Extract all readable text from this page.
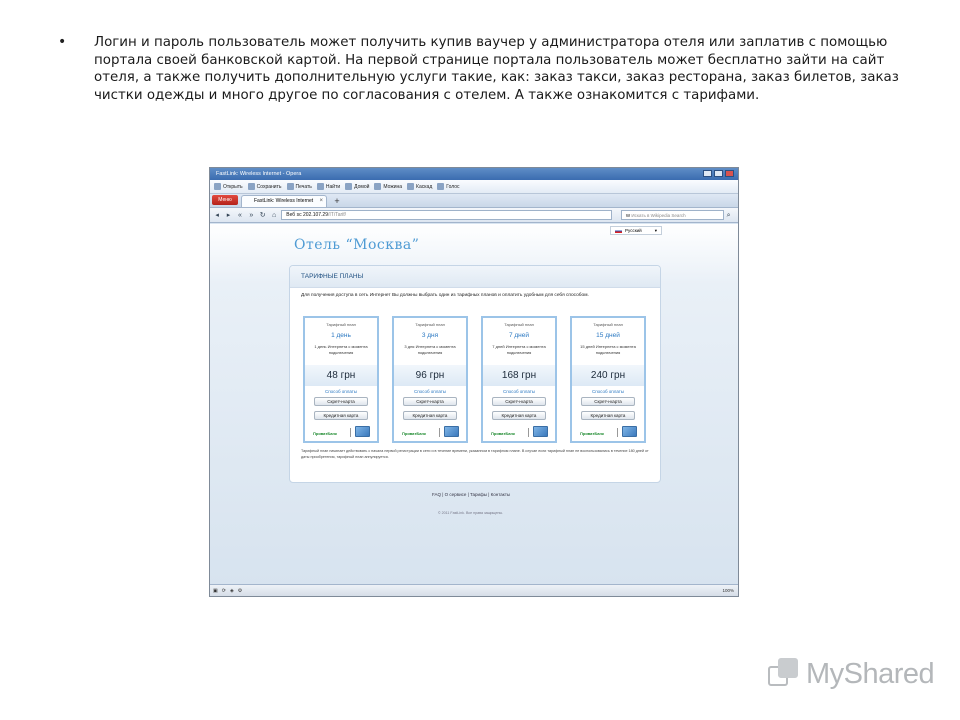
• Логин и пароль пользователь может получить купив ваучер у администратора отеля или заплатив с помощью портала своей банковской картой. На первой странице портала пользователь может бесплатно зайти на сайт отеля, а также получить дополнительную услуги такие, как: заказ такси, заказ ресторана, заказ билетов, заказ чистки одежды и много другое по согласования с отелем. А также ознакомится с тарифами.
FastLink: Wireless Internet - Opera
Открыть	Сохранить	Печать	Найти	Домой	Можина	Каскад	Голос
Меню	FastLink: Wireless Internet ×	+
◂	▸	«	» ↻ ⌂	Веб sc 202.107.29/IT/Tarif/	W Искать в Wikipedia Search	⌕
Русский	▾
Отель “Москва”
ТАРИФНЫЕ ПЛАНЫ
Для получения доступа в сеть Интернет Вы должны выбрать один из тарифных планов и оплатить удобным для себя способом.
Тарифный план
1 день
1 день Интернета с момента подключения
48 грн
Способ оплаты
Скретч-карта
Кредитная карта
ПриватБанк
Тарифный план
3 дня
3 дня Интернета с момента подключения
96 грн
Способ оплаты
Скретч-карта
Кредитная карта
ПриватБанк
Тарифный план
7 дней
7 дней Интернета с момента подключения
168 грн
Способ оплаты
Скретч-карта
Кредитная карта
ПриватБанк
Тарифный план
15 дней
15 дней Интернета с момента подключения
240 грн
Способ оплаты
Скретч-карта
Кредитная карта
ПриватБанк
Тарифный план начинает действовать с начала первой регистрации в сети и в течение времени, указанном в тарифном плане. В случае если тарифный план не воспользовались в течение 180 дней от даты приобретения, тарифный план аннулируется.
FAQ | О сервисе | Тарифы | Контакты
© 2011 FastLink. Все права защищены.
▣ ⟳ ◈ ⚙	100%
MyShared
